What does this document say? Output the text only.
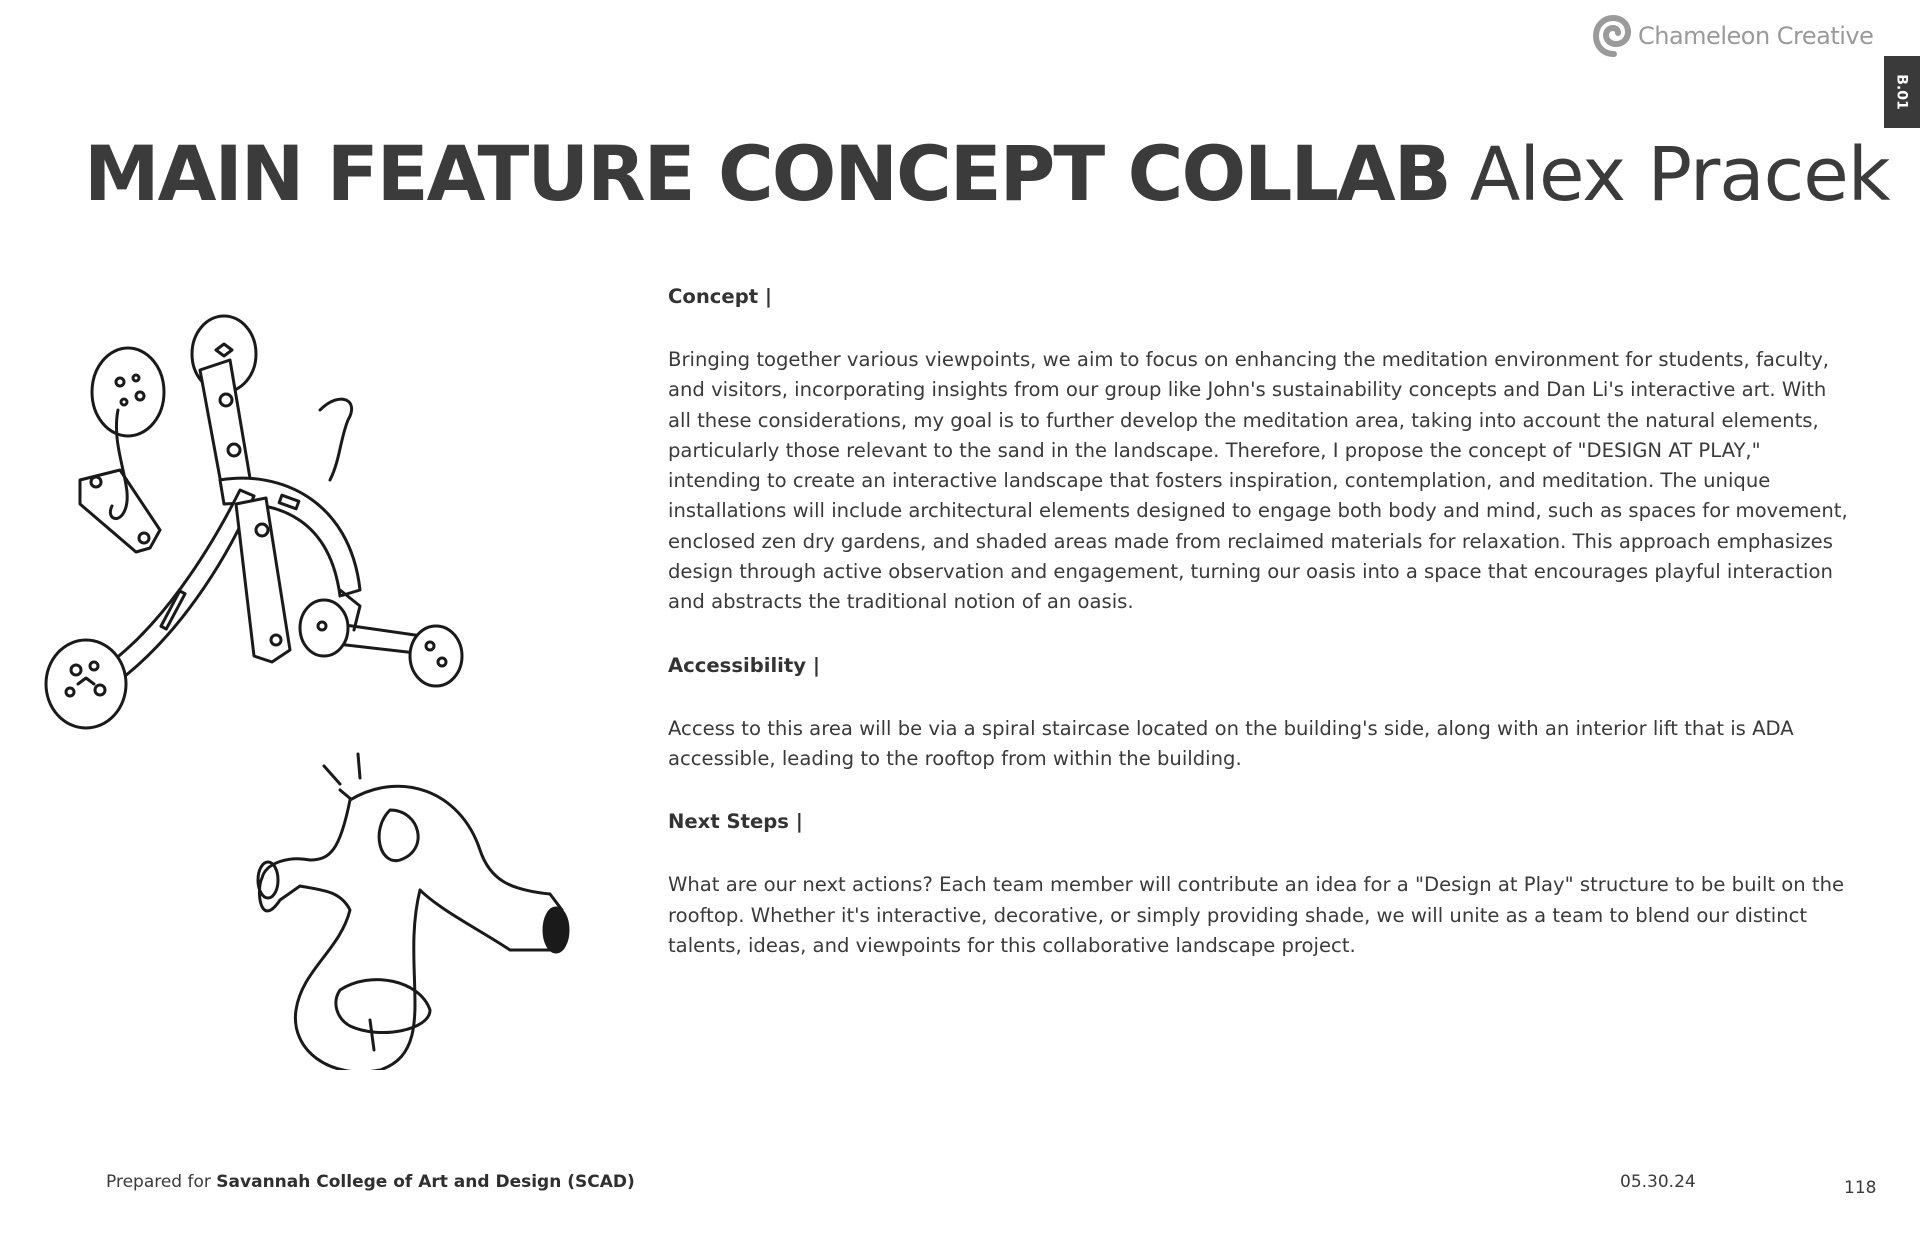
Chameleon Creative
B.01
MAIN FEATURE CONCEPT COLLAB Alex Pracek
Concept |

Bringing together various viewpoints, we aim to focus on enhancing the meditation environment for students, faculty, and visitors, incorporating insights from our group like John's sustainability concepts and Dan Li's interactive art. With all these considerations, my goal is to further develop the meditation area, taking into account the natural elements, particularly those relevant to the sand in the landscape. Therefore, I propose the concept of "DESIGN AT PLAY," intending to create an interactive landscape that fosters inspiration, contemplation, and meditation. The unique installations will include architectural elements designed to engage both body and mind, such as spaces for movement, enclosed zen dry gardens, and shaded areas made from reclaimed materials for relaxation. This approach emphasizes design through active observation and engagement, turning our oasis into a space that encourages playful interaction and abstracts the traditional notion of an oasis.

Accessibility |

Access to this area will be via a spiral staircase located on the building's side, along with an interior lift that is ADA accessible, leading to the rooftop from within the building.

Next Steps |

What are our next actions? Each team member will contribute an idea for a "Design at Play" structure to be built on the rooftop. Whether it's interactive, decorative, or simply providing shade, we will unite as a team to blend our distinct talents, ideas, and viewpoints for this collaborative landscape project.

Prepared for Savannah College of Art and Design (SCAD)	05.30.24	118
